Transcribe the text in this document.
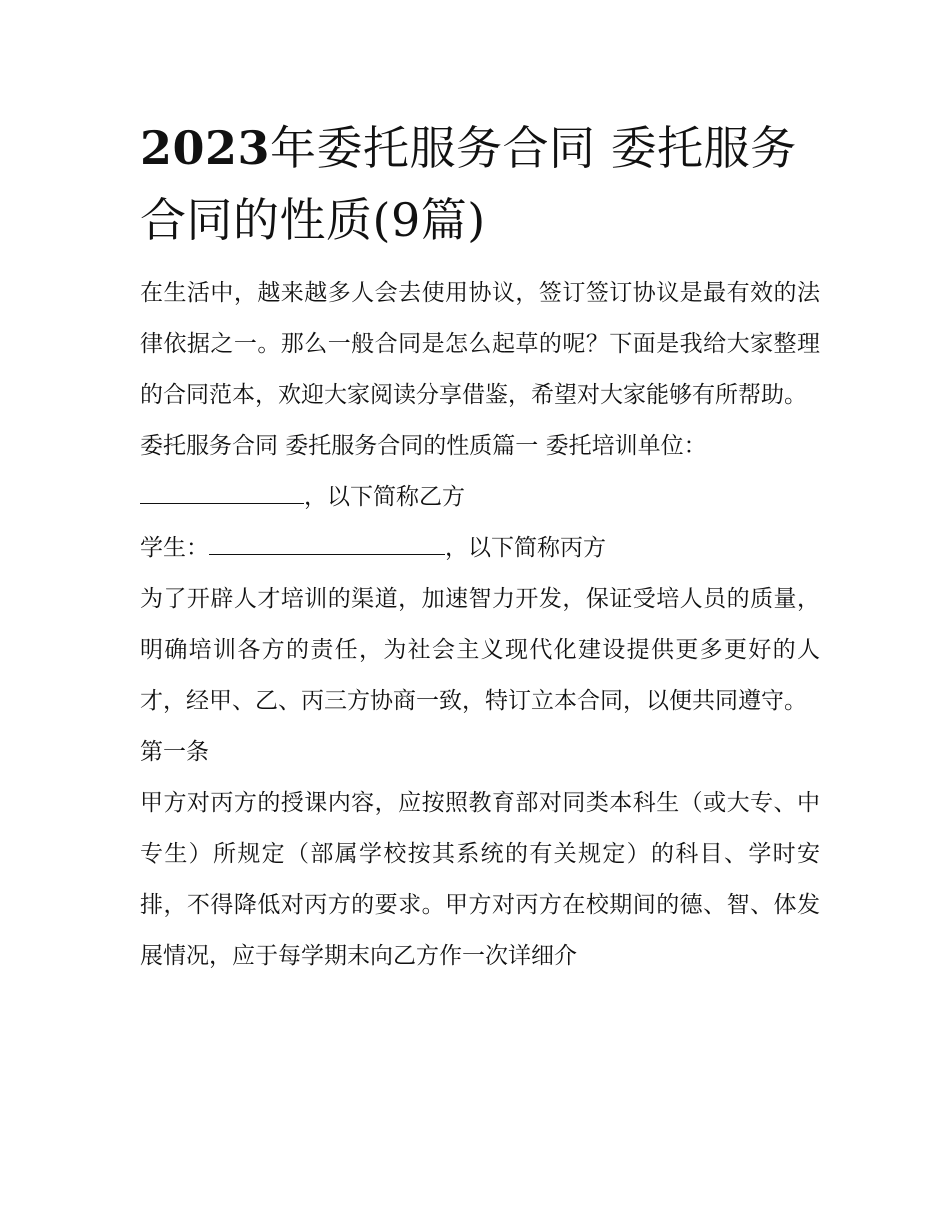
2023年委托服务合同 委托服务合同的性质(9篇)

在生活中，越来越多人会去使用协议，签订签订协议是最有效的法律依据之一。那么一般合同是怎么起草的呢？下面是我给大家整理的合同范本，欢迎大家阅读分享借鉴，希望对大家能够有所帮助。

委托服务合同 委托服务合同的性质篇一 委托培训单位：

，以下简称乙方

学生：	，以下简称丙方

为了开辟人才培训的渠道，加速智力开发，保证受培人员的质量，明确培训各方的责任，为社会主义现代化建设提供更多更好的人才，经甲、乙、丙三方协商一致，特订立本合同，以便共同遵守。

第一条

甲方对丙方的授课内容，应按照教育部对同类本科生（或大专、中专生）所规定（部属学校按其系统的有关规定）的科目、学时安排，不得降低对丙方的要求。甲方对丙方在校期间的德、智、体发展情况，应于每学期末向乙方作一次详细介
